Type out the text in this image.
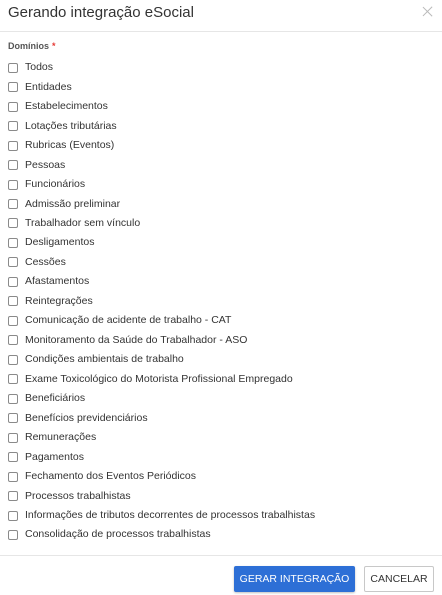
Gerando integração eSocial
Domínios *
Todos
Entidades
Estabelecimentos
Lotações tributárias
Rubricas (Eventos)
Pessoas
Funcionários
Admissão preliminar
Trabalhador sem vínculo
Desligamentos
Cessões
Afastamentos
Reintegrações
Comunicação de acidente de trabalho - CAT
Monitoramento da Saúde do Trabalhador - ASO
Condições ambientais de trabalho
Exame Toxicológico do Motorista Profissional Empregado
Beneficiários
Benefícios previdenciários
Remunerações
Pagamentos
Fechamento dos Eventos Periódicos
Processos trabalhistas
Informações de tributos decorrentes de processos trabalhistas
Consolidação de processos trabalhistas
GERAR INTEGRAÇÃO	CANCELAR
